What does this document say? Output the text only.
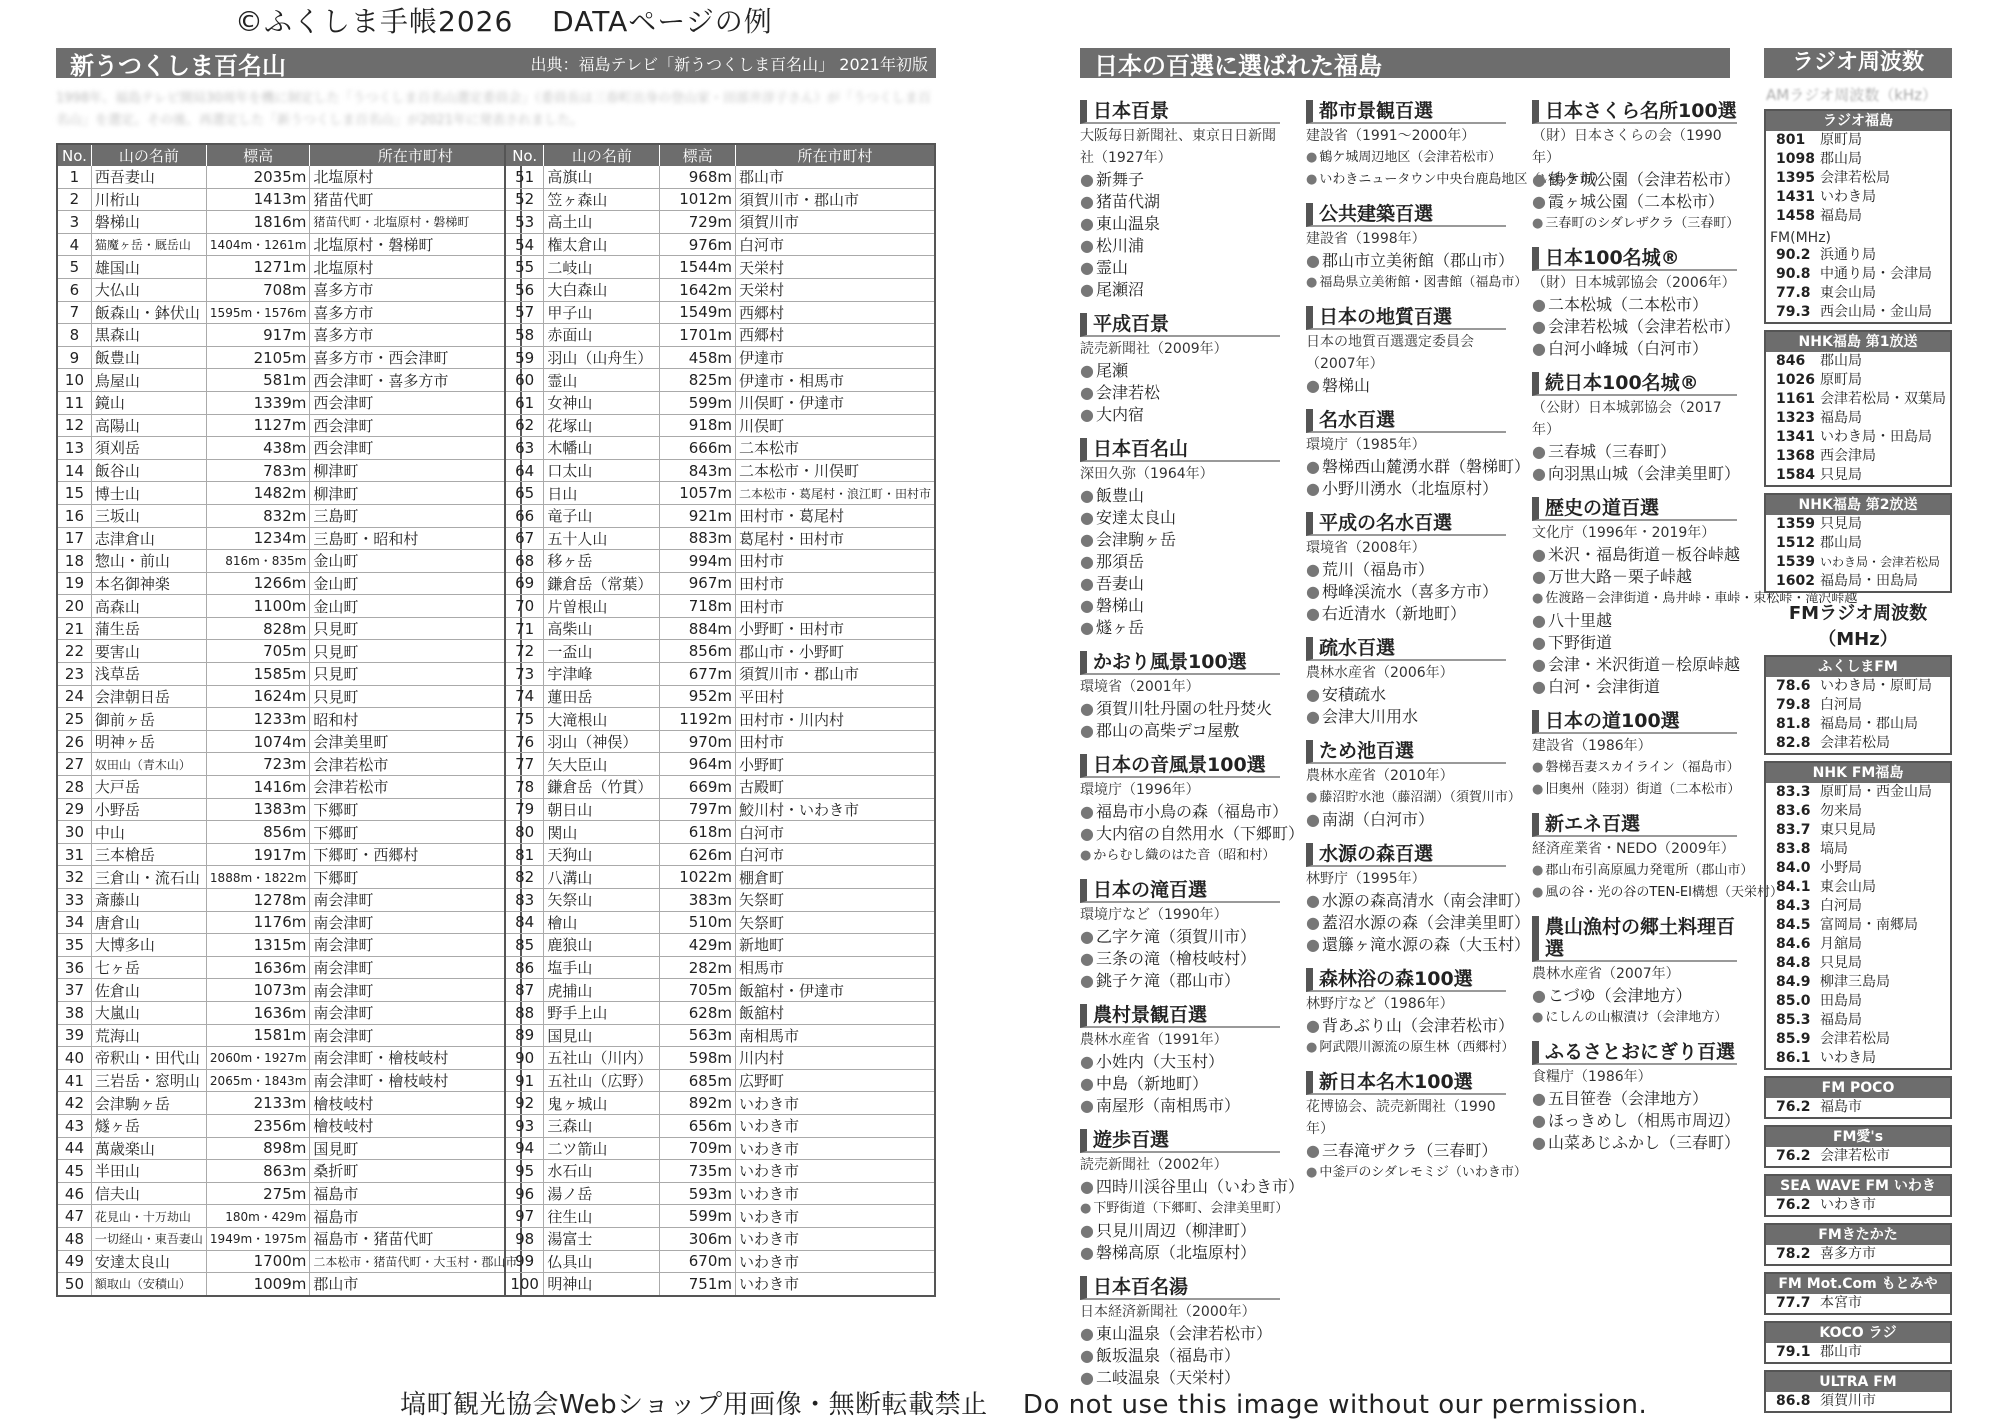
©ふくしま手帳2026　 DATAページの例
新うつくしま百名山	出典：福島テレビ「新うつくしま百名山」 2021年初版
1998年、福島テレビ開局30周年を機に制定した「うつくしま百名山選定委員会」（委員長は三春町出身の登山家・田部井淳子さん）が「うつくしま百名山」を選定。その後、再選定した「新うつくしま百名山」が2021年に発表されました。
No.	山の名前	標高	所在市町村
1	西吾妻山	2035m	北塩原村
2	川桁山	1413m	猪苗代町
3	磐梯山	1816m	猪苗代町・北塩原村・磐梯町
4	猫魔ヶ岳・厩岳山	1404m・1261m	北塩原村・磐梯町
5	雄国山	1271m	北塩原村
6	大仏山	708m	喜多方市
7	飯森山・鉢伏山	1595m・1576m	喜多方市
8	黒森山	917m	喜多方市
9	飯豊山	2105m	喜多方市・西会津町
10	鳥屋山	581m	西会津町・喜多方市
11	鏡山	1339m	西会津町
12	高陽山	1127m	西会津町
13	須刈岳	438m	西会津町
14	飯谷山	783m	柳津町
15	博士山	1482m	柳津町
16	三坂山	832m	三島町
17	志津倉山	1234m	三島町・昭和村
18	惣山・前山	816m・835m	金山町
19	本名御神楽	1266m	金山町
20	高森山	1100m	金山町
21	蒲生岳	828m	只見町
22	要害山	705m	只見町
23	浅草岳	1585m	只見町
24	会津朝日岳	1624m	只見町
25	御前ヶ岳	1233m	昭和村
26	明神ヶ岳	1074m	会津美里町
27	奴田山（青木山）	723m	会津若松市
28	大戸岳	1416m	会津若松市
29	小野岳	1383m	下郷町
30	中山	856m	下郷町
31	三本槍岳	1917m	下郷町・西郷村
32	三倉山・流石山	1888m・1822m	下郷町
33	斎藤山	1278m	南会津町
34	唐倉山	1176m	南会津町
35	大博多山	1315m	南会津町
36	七ヶ岳	1636m	南会津町
37	佐倉山	1073m	南会津町
38	大嵐山	1636m	南会津町
39	荒海山	1581m	南会津町
40	帝釈山・田代山	2060m・1927m	南会津町・檜枝岐村
41	三岩岳・窓明山	2065m・1843m	南会津町・檜枝岐村
42	会津駒ヶ岳	2133m	檜枝岐村
43	燧ヶ岳	2356m	檜枝岐村
44	萬歳楽山	898m	国見町
45	半田山	863m	桑折町
46	信夫山	275m	福島市
47	花見山・十万劫山	180m・429m	福島市
48	一切経山・東吾妻山	1949m・1975m	福島市・猪苗代町
49	安達太良山	1700m	二本松市・猪苗代町・大玉村・郡山市
50	額取山（安積山）	1009m	郡山市
No.	山の名前	標高	所在市町村
51	高旗山	968m	郡山市
52	笠ヶ森山	1012m	須賀川市・郡山市
53	高土山	729m	須賀川市
54	権太倉山	976m	白河市
55	二岐山	1544m	天栄村
56	大白森山	1642m	天栄村
57	甲子山	1549m	西郷村
58	赤面山	1701m	西郷村
59	羽山（山舟生）	458m	伊達市
60	霊山	825m	伊達市・相馬市
61	女神山	599m	川俣町・伊達市
62	花塚山	918m	川俣町
63	木幡山	666m	二本松市
64	口太山	843m	二本松市・川俣町
65	日山	1057m	二本松市・葛尾村・浪江町・田村市
66	竜子山	921m	田村市・葛尾村
67	五十人山	883m	葛尾村・田村市
68	移ヶ岳	994m	田村市
69	鎌倉岳（常葉）	967m	田村市
70	片曽根山	718m	田村市
71	高柴山	884m	小野町・田村市
72	一盃山	856m	郡山市・小野町
73	宇津峰	677m	須賀川市・郡山市
74	蓮田岳	952m	平田村
75	大滝根山	1192m	田村市・川内村
76	羽山（神俣）	970m	田村市
77	矢大臣山	964m	小野町
78	鎌倉岳（竹貫）	669m	古殿町
79	朝日山	797m	鮫川村・いわき市
80	関山	618m	白河市
81	天狗山	626m	白河市
82	八溝山	1022m	棚倉町
83	矢祭山	383m	矢祭町
84	檜山	510m	矢祭町
85	鹿狼山	429m	新地町
86	塩手山	282m	相馬市
87	虎捕山	705m	飯舘村・伊達市
88	野手上山	628m	飯舘村
89	国見山	563m	南相馬市
90	五社山（川内）	598m	川内村
91	五社山（広野）	685m	広野町
92	鬼ヶ城山	892m	いわき市
93	三森山	656m	いわき市
94	二ツ箭山	709m	いわき市
95	水石山	735m	いわき市
96	湯ノ岳	593m	いわき市
97	往生山	599m	いわき市
98	湯富士	306m	いわき市
99	仏具山	670m	いわき市
100	明神山	751m	いわき市
日本の百選に選ばれた福島
日本百景
大阪毎日新聞社、東京日日新聞社（1927年）
● 新舞子
● 猪苗代湖
● 東山温泉
● 松川浦
● 霊山
● 尾瀬沼
平成百景
読売新聞社（2009年）
● 尾瀬
● 会津若松
● 大内宿
日本百名山
深田久弥（1964年）
● 飯豊山
● 安達太良山
● 会津駒ヶ岳
● 那須岳
● 吾妻山
● 磐梯山
● 燧ヶ岳
かおり風景100選
環境省（2001年）
● 須賀川牡丹園の牡丹焚火
● 郡山の高柴デコ屋敷
日本の音風景100選
環境庁（1996年）
● 福島市小鳥の森（福島市）
● 大内宿の自然用水（下郷町）
● からむし織のはた音（昭和村）
日本の滝百選
環境庁など（1990年）
● 乙字ケ滝（須賀川市）
● 三条の滝（檜枝岐村）
● 銚子ケ滝（郡山市）
農村景観百選
農林水産省（1991年）
● 小姓内（大玉村）
● 中島（新地町）
● 南屋形（南相馬市）
遊歩百選
読売新聞社（2002年）
● 四時川渓谷里山（いわき市）
● 下野街道（下郷町、会津美里町）
● 只見川周辺（柳津町）
● 磐梯高原（北塩原村）
日本百名湯
日本経済新聞社（2000年）
● 東山温泉（会津若松市）
● 飯坂温泉（福島市）
● 二岐温泉（天栄村）
都市景観百選
建設省（1991～2000年）
● 鶴ケ城周辺地区（会津若松市）
● いわきニュータウン中央台鹿島地区（いわき市）
公共建築百選
建設省（1998年）
● 郡山市立美術館（郡山市）
● 福島県立美術館・図書館（福島市）
日本の地質百選
日本の地質百選選定委員会（2007年）
● 磐梯山
名水百選
環境庁（1985年）
● 磐梯西山麓湧水群（磐梯町）
● 小野川湧水（北塩原村）
平成の名水百選
環境省（2008年）
● 荒川（福島市）
● 栂峰渓流水（喜多方市）
● 右近清水（新地町）
疏水百選
農林水産省（2006年）
● 安積疏水
● 会津大川用水
ため池百選
農林水産省（2010年）
● 藤沼貯水池（藤沼湖）（須賀川市）
● 南湖（白河市）
水源の森百選
林野庁（1995年）
● 水源の森高清水（南会津町）
● 蓋沼水源の森（会津美里町）
● 還籐ヶ滝水源の森（大玉村）
森林浴の森100選
林野庁など（1986年）
● 背あぶり山（会津若松市）
● 阿武隈川源流の原生林（西郷村）
新日本名木100選
花博協会、読売新聞社（1990年）
● 三春滝ザクラ（三春町）
● 中釜戸のシダレモミジ（いわき市）
日本さくら名所100選
（財）日本さくらの会（1990年）
● 鶴ケ城公園（会津若松市）
● 霞ヶ城公園（二本松市）
● 三春町のシダレザクラ（三春町）
日本100名城®
（財）日本城郭協会（2006年）
● 二本松城（二本松市）
● 会津若松城（会津若松市）
● 白河小峰城（白河市）
続日本100名城®
（公財）日本城郭協会（2017年）
● 三春城（三春町）
● 向羽黒山城（会津美里町）
歴史の道百選
文化庁（1996年・2019年）
● 米沢・福島街道－板谷峠越
● 万世大路－栗子峠越
● 佐渡路－会津街道・鳥井峠・車峠・束松峠・滝沢峠越
● 八十里越
● 下野街道
● 会津・米沢街道－桧原峠越
● 白河・会津街道
日本の道100選
建設省（1986年）
● 磐梯吾妻スカイライン（福島市）
● 旧奥州（陸羽）街道（二本松市）
新エネ百選
経済産業省・NEDO（2009年）
● 郡山布引高原風力発電所（郡山市）
● 風の谷・光の谷のTEN-EI構想（天栄村）
農山漁村の郷土料理百選
農林水産省（2007年）
● こづゆ（会津地方）
● にしんの山椒漬け（会津地方）
ふるさとおにぎり百選
食糧庁（1986年）
● 五目笹巻（会津地方）
● ほっきめし（相馬市周辺）
● 山菜あじふかし（三春町）
ラジオ周波数
AMラジオ周波数（kHz）
ラジオ福島
801 原町局
1098 郡山局
1395 会津若松局
1431 いわき局
1458 福島局
FM(MHz)
90.2 浜通り局
90.8 中通り局・会津局
77.8 東会山局
79.3 西会山局・金山局
NHK福島 第1放送
846 郡山局
1026 原町局
1161 会津若松局・双葉局
1323 福島局
1341 いわき局・田島局
1368 西会津局
1584 只見局
NHK福島 第2放送
1359 只見局
1512 郡山局
1539 いわき局・会津若松局
1602 福島局・田島局
FMラジオ周波数（MHz）
ふくしまFM
78.6 いわき局・原町局
79.8 白河局
81.8 福島局・郡山局
82.8 会津若松局
NHK FM福島
83.3 原町局・西金山局
83.6 勿来局
83.7 東只見局
83.8 塙局
84.0 小野局
84.1 東会山局
84.3 白河局
84.5 富岡局・南郷局
84.6 月舘局
84.8 只見局
84.9 柳津三島局
85.0 田島局
85.3 福島局
85.9 会津若松局
86.1 いわき局
FM POCO
76.2 福島市
FM愛's
76.2 会津若松市
SEA WAVE FM いわき
76.2 いわき市
FMきたかた
78.2 喜多方市
FM Mot.Com もとみや
77.7 本宮市
KOCO ラジ
79.1 郡山市
ULTRA FM
86.8 須賀川市
塙町観光協会Webショップ用画像・無断転載禁止　 Do not use this image without our permission.
